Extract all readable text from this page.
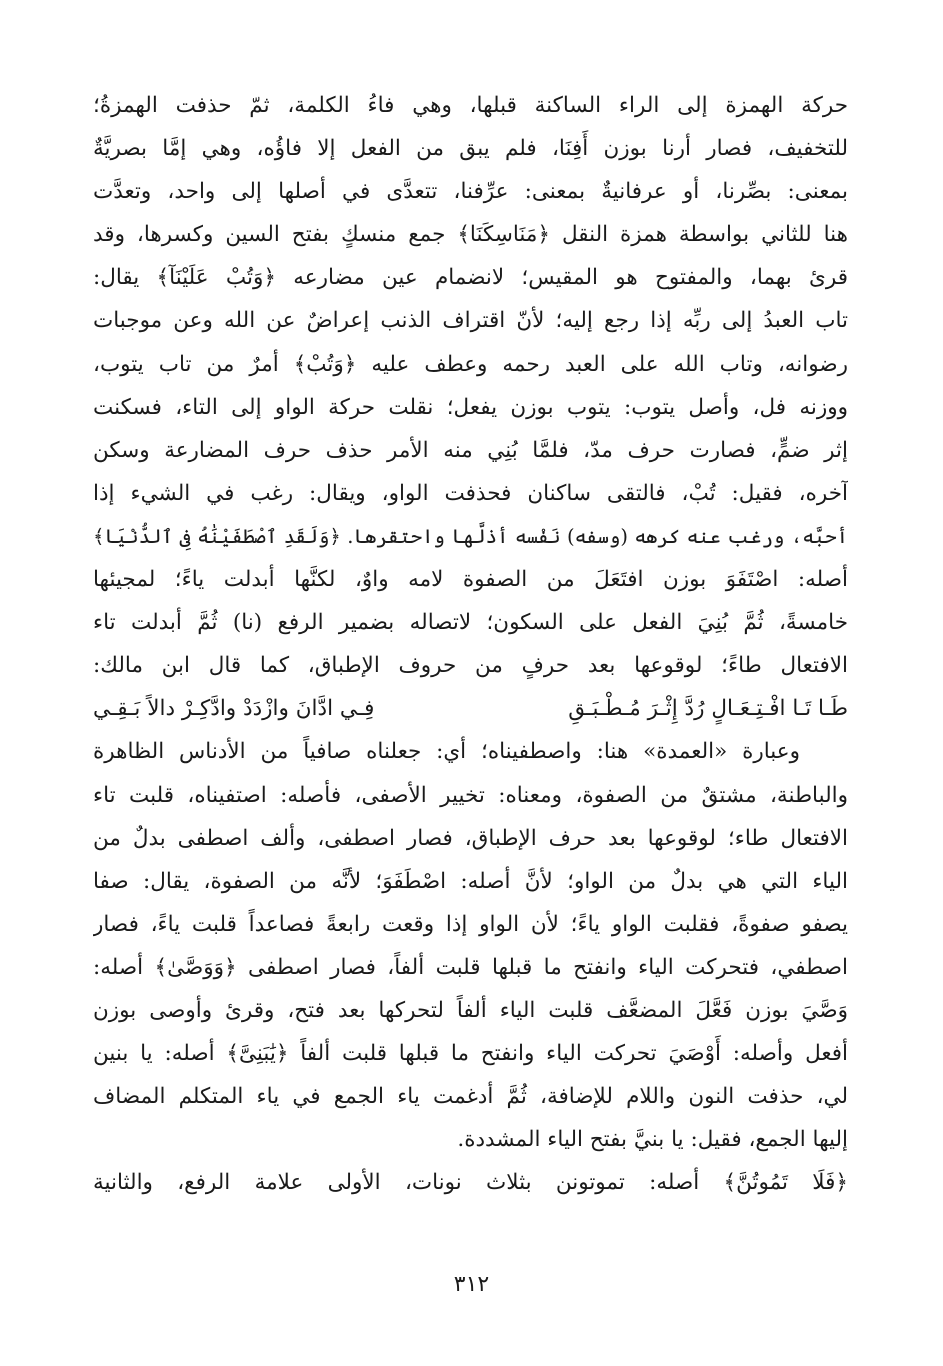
حركة الهمزة إلى الراء الساكنة قبلها، وهي فاءُ الكلمة، ثمّ حذفت الهمزةُ؛
للتخفيف، فصار أرنا بوزن أَفِنَا، فلم يبق من الفعل إلا فاؤُه، وهي إمَّا بصريَّةٌ
بمعنى: بصِّرنا، أو عرفانيةٌ بمعنى: عرِّفنا، تتعدَّى في أصلها إلى واحد، وتعدَّت
هنا للثاني بواسطة همزة النقل ﴿مَنَاسِكَنَا﴾ جمع منسكٍ بفتح السين وكسرها، وقد
قرئ بهما، والمفتوح هو المقيس؛ لانضمام عين مضارعه ﴿وَتُبْ عَلَيْنَآ﴾ يقال:
تاب العبدُ إلى ربِّه إذا رجع إليه؛ لأنّ اقتراف الذنب إعراضٌ عن الله وعن موجبات
رضوانه، وتاب الله على العبد رحمه وعطف عليه ﴿وَتُبْ﴾ أمرٌ من تاب يتوب،
ووزنه فل، وأصل يتوب: يتوب بوزن يفعل؛ نقلت حركة الواو إلى التاء، فسكنت
إثر ضمٍّ، فصارت حرف مدّ، فلمَّا بُنِي منه الأمر حذف حرف المضارعة وسكن
آخره، فقيل: تُبْ، فالتقى ساكنان فحذفت الواو، ويقال: رغب في الشيء إذا
أحبَّه، ورغب عنه كرهه (وسفه) نَفْسه أذلَّها واحتقرها. ﴿وَلَقَدِ ٱصْطَفَيْنَٰهُ فِى ٱلدُّنْيَا﴾
أصله: اصْتَفَوَ بوزن افتَعَلَ من الصفوة لامه واوٌ، لكنَّها أبدلت ياءً؛ لمجيئها
خامسةً، ثُمَّ بُنِيَ الفعل على السكون؛ لاتصاله بضمير الرفع (نا) ثُمَّ أبدلت تاء
الافتعال طاءً؛ لوقوعها بعد حرفٍ من حروف الإطباق، كما قال ابن مالك:
طَـا تَـا افْـتِـعَـالٍ رُدَّ إِثْـرَ مُـطْـبَـقِ
فِـي ادَّانَ وازْدَدْ وادَّكِـرْ دالاً بَـقِـي
وعبارة «العمدة» هنا: واصطفيناه؛ أي: جعلناه صافياً من الأدناس الظاهرة
والباطنة، مشتقٌ من الصفوة، ومعناه: تخيير الأصفى، فأصله: اصتفيناه، قلبت تاء
الافتعال طاء؛ لوقوعها بعد حرف الإطباق، فصار اصطفى، وألف اصطفى بدلٌ من
الياء التي هي بدلٌ من الواو؛ لأنَّ أصله: اصْطَفَوَ؛ لأنَّه من الصفوة، يقال: صفا
يصفو صفوةً، فقلبت الواو ياءً؛ لأن الواو إذا وقعت رابعةً فصاعداً قلبت ياءً، فصار
اصطفي، فتحركت الياء وانفتح ما قبلها قلبت ألفاً، فصار اصطفى ﴿وَوَصَّىٰ﴾ أصله:
وَصَّيَ بوزن فَعَّلَ المضعَّف قلبت الياء ألفاً لتحركها بعد فتح، وقرئ وأوصى بوزن
أفعل وأصله: أَوْصَيَ تحركت الياء وانفتح ما قبلها قلبت ألفاً ﴿يَٰبَنِىَّ﴾ أصله: يا بنين
لي، حذفت النون واللام للإضافة، ثُمَّ أدغمت ياء الجمع في ياء المتكلم المضاف
إليها الجمع، فقيل: يا بنيَّ بفتح الياء المشددة.
﴿فَلَا تَمُوتُنَّ﴾ أصله: تموتونن بثلاث نونات، الأولى علامة الرفع، والثانية
٣١٢
